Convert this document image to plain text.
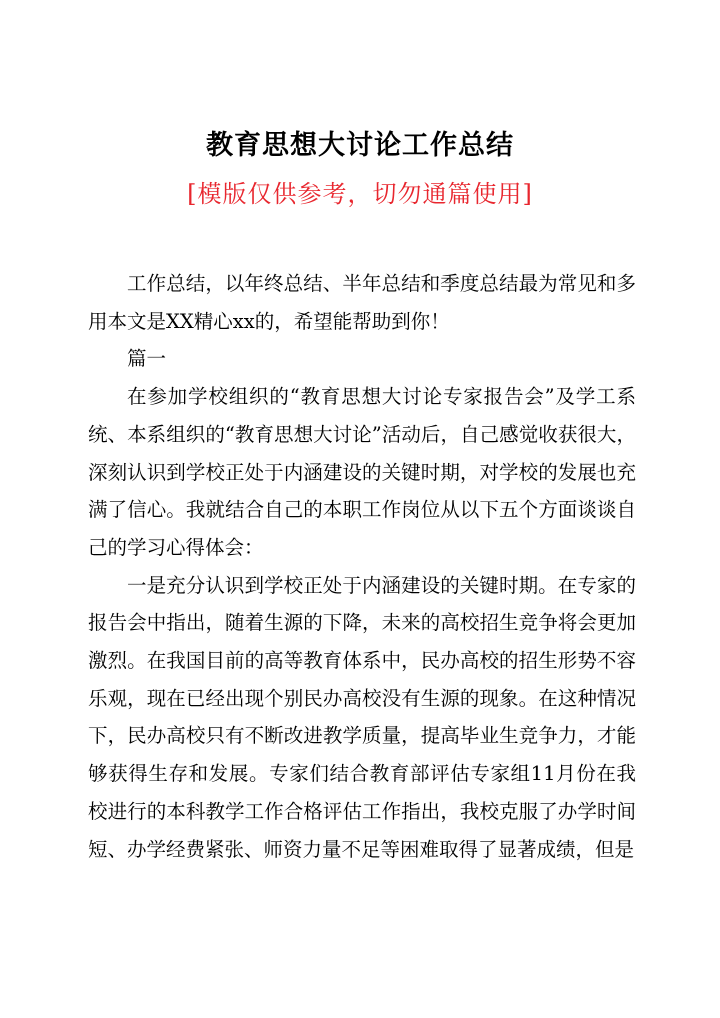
教育思想大讨论工作总结
[模版仅供参考，切勿通篇使用]

工作总结，以年终总结、半年总结和季度总结最为常见和多用本文是XX精心xx的，希望能帮助到你！

篇一

在参加学校组织的“教育思想大讨论专家报告会”及学工系统、本系组织的“教育思想大讨论”活动后，自己感觉收获很大，深刻认识到学校正处于内涵建设的关键时期，对学校的发展也充满了信心。我就结合自己的本职工作岗位从以下五个方面谈谈自己的学习心得体会：

一是充分认识到学校正处于内涵建设的关键时期。在专家的报告会中指出，随着生源的下降，未来的高校招生竞争将会更加激烈。在我国目前的高等教育体系中，民办高校的招生形势不容乐观，现在已经出现个别民办高校没有生源的现象。在这种情况下，民办高校只有不断改进教学质量，提高毕业生竞争力，才能够获得生存和发展。专家们结合教育部评估专家组11月份在我校进行的本科教学工作合格评估工作指出，我校克服了办学时间短、办学经费紧张、师资力量不足等困难取得了显著成绩，但是
